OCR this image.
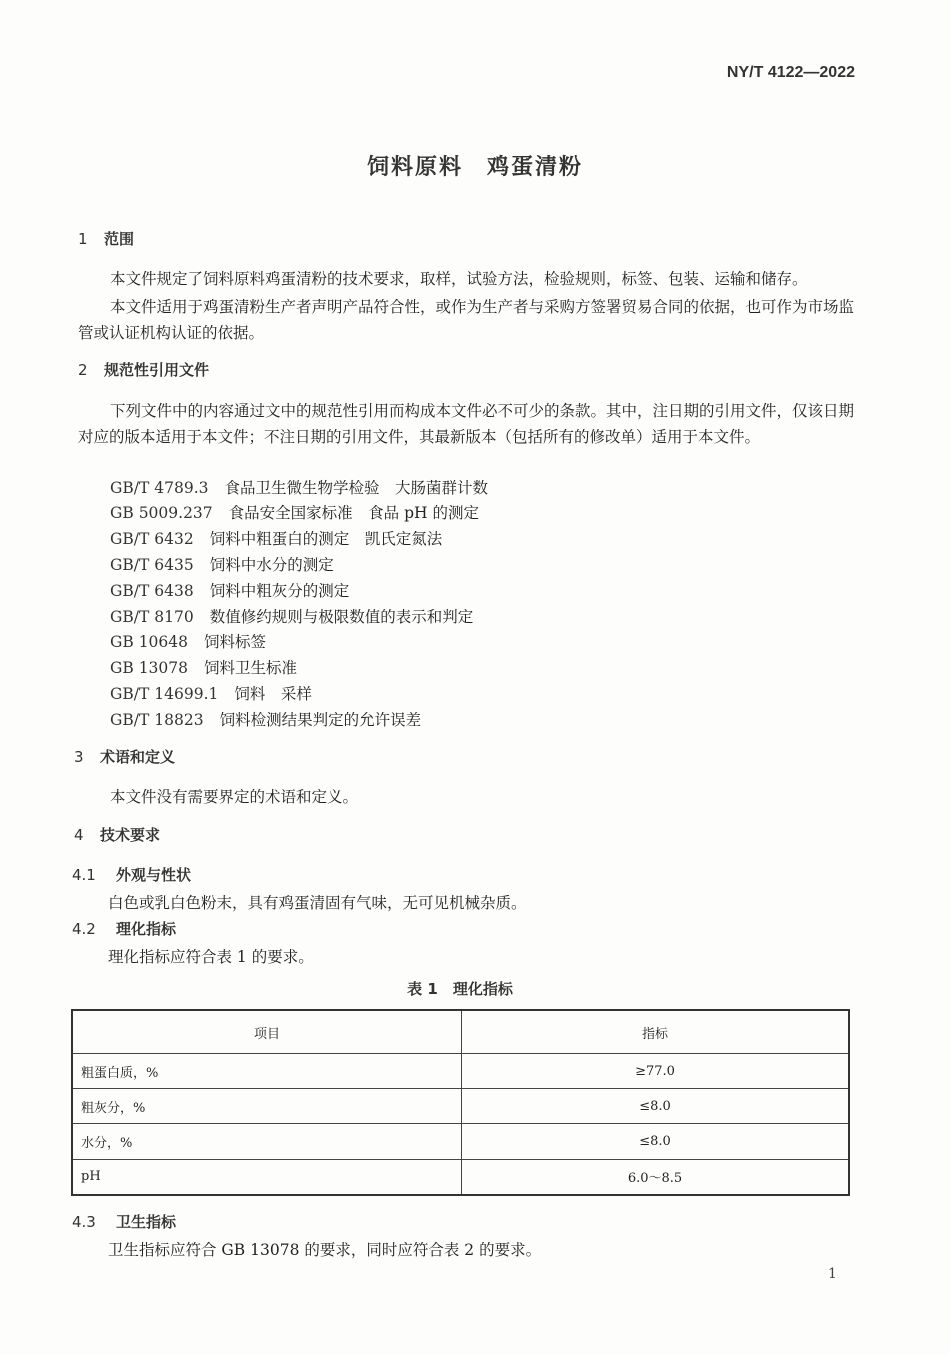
NY/T 4122—2022
饲料原料　鸡蛋清粉
1 范围
本文件规定了饲料原料鸡蛋清粉的技术要求，取样，试验方法，检验规则，标签、包装、运输和储存。
本文件适用于鸡蛋清粉生产者声明产品符合性，或作为生产者与采购方签署贸易合同的依据，也可作为市场监管或认证机构认证的依据。
2 规范性引用文件
下列文件中的内容通过文中的规范性引用而构成本文件必不可少的条款。其中，注日期的引用文件，仅该日期对应的版本适用于本文件；不注日期的引用文件，其最新版本（包括所有的修改单）适用于本文件。
GB/T 4789.3 食品卫生微生物学检验　大肠菌群计数
GB 5009.237 食品安全国家标准　食品 pH 的测定
GB/T 6432 饲料中粗蛋白的测定　凯氏定氮法
GB/T 6435 饲料中水分的测定
GB/T 6438 饲料中粗灰分的测定
GB/T 8170 数值修约规则与极限数值的表示和判定
GB 10648 饲料标签
GB 13078 饲料卫生标准
GB/T 14699.1 饲料　采样
GB/T 18823 饲料检测结果判定的允许误差
3 术语和定义
本文件没有需要界定的术语和定义。
4 技术要求
4.1 外观与性状
白色或乳白色粉末，具有鸡蛋清固有气味，无可见机械杂质。
4.2 理化指标
理化指标应符合表 1 的要求。
表 1　理化指标
项目	指标
粗蛋白质，%	≥77.0
粗灰分，%	≤8.0
水分，%	≤8.0
pH	6.0～8.5
4.3 卫生指标
卫生指标应符合 GB 13078 的要求，同时应符合表 2 的要求。
1
